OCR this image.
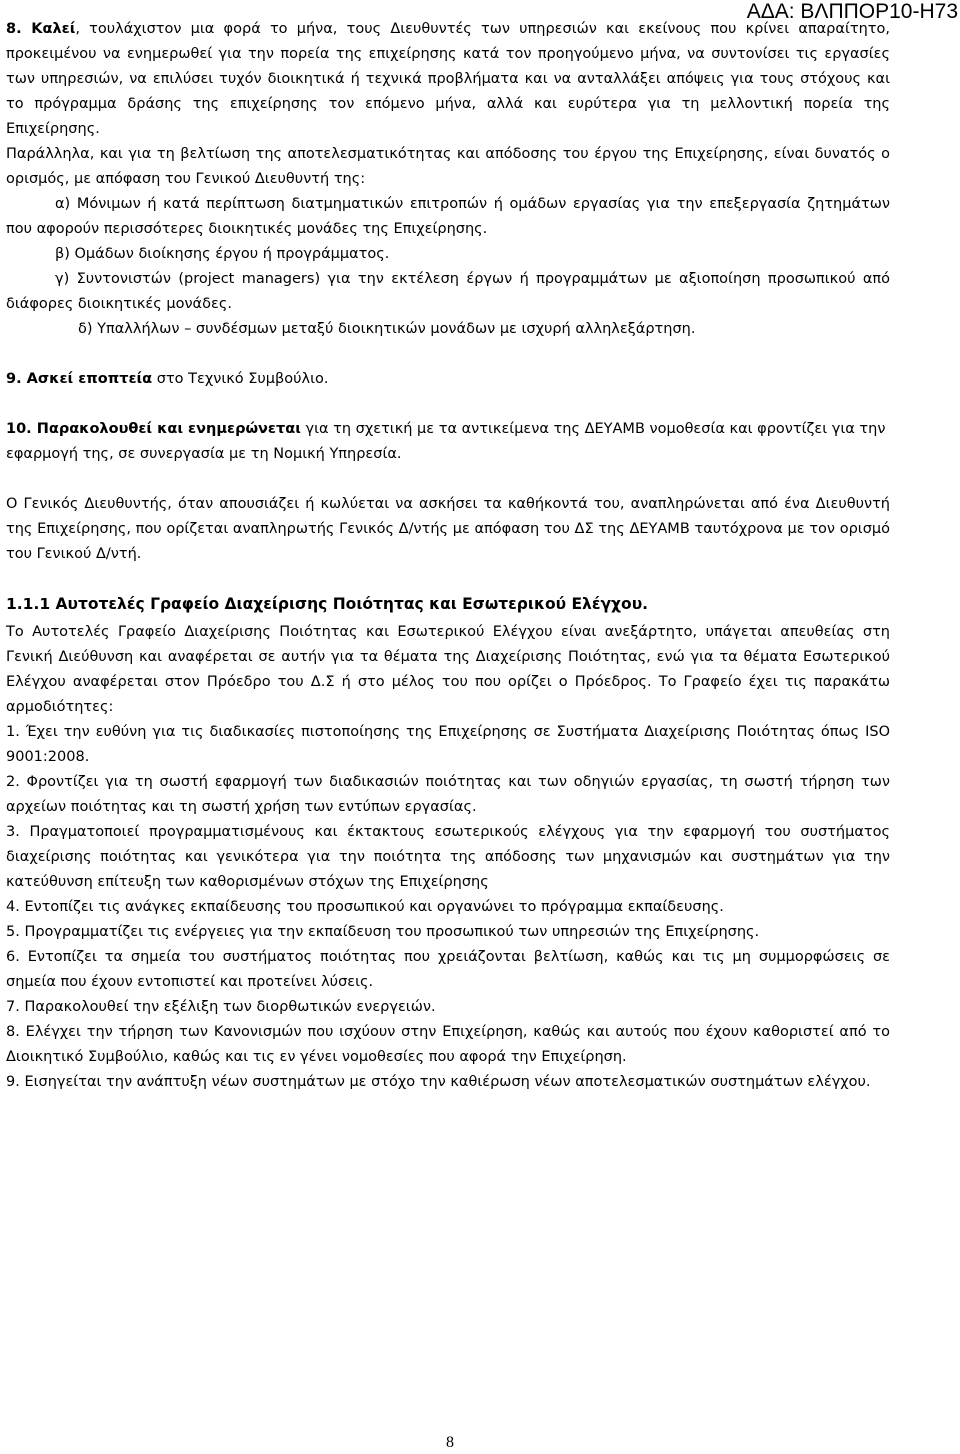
ΑΔΑ: ΒΛΠΠΟΡ10-Η73

8. Καλεί, τουλάχιστον μια φορά το μήνα, τους Διευθυντές των υπηρεσιών και εκείνους που κρίνει απαραίτητο, προκειμένου να ενημερωθεί για την πορεία της επιχείρησης κατά τον προηγούμενο μήνα, να συντονίσει τις εργασίες των υπηρεσιών, να επιλύσει τυχόν διοικητικά ή τεχνικά προβλήματα και να ανταλλάξει απόψεις για τους στόχους και το πρόγραμμα δράσης της επιχείρησης τον επόμενο μήνα, αλλά και ευρύτερα για τη μελλοντική πορεία της Επιχείρησης.

Παράλληλα, και για τη βελτίωση της αποτελεσματικότητας και απόδοσης του έργου της Επιχείρησης, είναι δυνατός ο ορισμός, με απόφαση του Γενικού Διευθυντή της:

α) Μόνιμων ή κατά περίπτωση διατμηματικών επιτροπών ή ομάδων εργασίας για την επεξεργασία ζητημάτων που αφορούν περισσότερες διοικητικές μονάδες της Επιχείρησης.

β) Ομάδων διοίκησης έργου ή προγράμματος.

γ) Συντονιστών (project managers) για την εκτέλεση έργων ή προγραμμάτων με αξιοποίηση προσωπικού από διάφορες διοικητικές μονάδες.

δ) Υπαλλήλων – συνδέσμων μεταξύ διοικητικών μονάδων με ισχυρή αλληλεξάρτηση.

9. Ασκεί εποπτεία στο Τεχνικό Συμβούλιο.

10. Παρακολουθεί και ενημερώνεται για τη σχετική με τα αντικείμενα της ΔΕΥΑΜΒ νομοθεσία και φροντίζει για την εφαρμογή της, σε συνεργασία με τη Νομική Υπηρεσία.

Ο Γενικός Διευθυντής, όταν απουσιάζει ή κωλύεται να ασκήσει τα καθήκοντά του, αναπληρώνεται από ένα Διευθυντή της Επιχείρησης, που ορίζεται αναπληρωτής Γενικός Δ/ντής με απόφαση του ΔΣ της ΔΕΥΑΜΒ ταυτόχρονα με τον ορισμό του Γενικού Δ/ντή.

1.1.1 Αυτοτελές Γραφείο Διαχείρισης Ποιότητας και Εσωτερικού Ελέγχου.

Το Αυτοτελές Γραφείο Διαχείρισης Ποιότητας και Εσωτερικού Ελέγχου είναι ανεξάρτητο, υπάγεται απευθείας στη Γενική Διεύθυνση και αναφέρεται σε αυτήν για τα θέματα της Διαχείρισης Ποιότητας, ενώ για τα θέματα Εσωτερικού Ελέγχου αναφέρεται στον Πρόεδρο του Δ.Σ ή στο μέλος του που ορίζει ο Πρόεδρος. Το Γραφείο έχει τις παρακάτω αρμοδιότητες:

1. Έχει την ευθύνη για τις διαδικασίες πιστοποίησης της Επιχείρησης σε Συστήματα Διαχείρισης Ποιότητας όπως ISO 9001:2008.

2. Φροντίζει για τη σωστή εφαρμογή των διαδικασιών ποιότητας και των οδηγιών εργασίας, τη σωστή τήρηση των αρχείων ποιότητας και τη σωστή χρήση των εντύπων εργασίας.

3. Πραγματοποιεί προγραμματισμένους και έκτακτους εσωτερικούς ελέγχους για την εφαρμογή του συστήματος διαχείρισης ποιότητας και γενικότερα για την ποιότητα της απόδοσης των μηχανισμών και συστημάτων για την κατεύθυνση επίτευξη των καθορισμένων στόχων της Επιχείρησης

4. Εντοπίζει τις ανάγκες εκπαίδευσης του προσωπικού και οργανώνει το πρόγραμμα εκπαίδευσης.

5. Προγραμματίζει τις ενέργειες για την εκπαίδευση του προσωπικού των υπηρεσιών της Επιχείρησης.

6. Εντοπίζει τα σημεία του συστήματος ποιότητας που χρειάζονται βελτίωση, καθώς και τις μη συμμορφώσεις σε σημεία που έχουν εντοπιστεί και προτείνει λύσεις.

7. Παρακολουθεί την εξέλιξη των διορθωτικών ενεργειών.

8. Ελέγχει την τήρηση των Κανονισμών που ισχύουν στην Επιχείρηση, καθώς και αυτούς που έχουν καθοριστεί από το Διοικητικό Συμβούλιο, καθώς και τις εν γένει νομοθεσίες που αφορά την Επιχείρηση.

9. Εισηγείται την ανάπτυξη νέων συστημάτων με στόχο την καθιέρωση νέων αποτελεσματικών συστημάτων ελέγχου.

8
